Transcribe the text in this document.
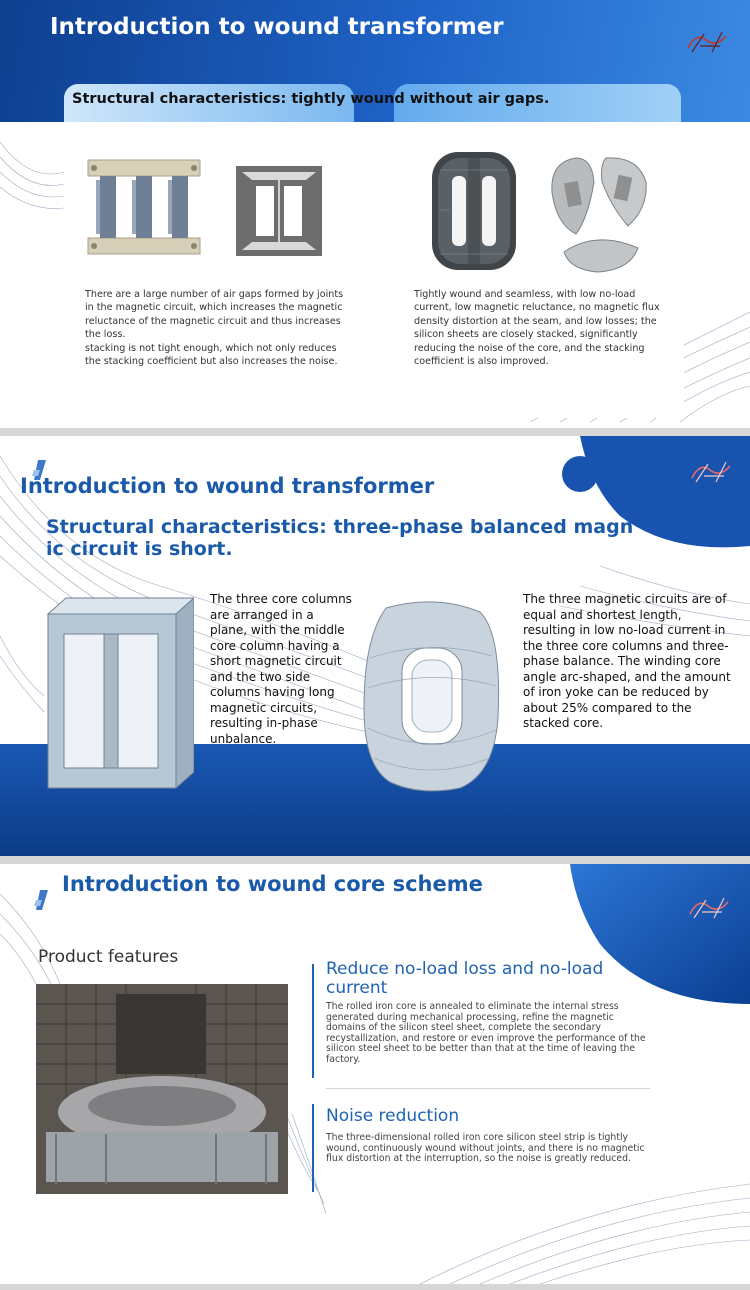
Introduction to wound transformer
Structural characteristics: tightly wound without air gaps.
There are a large number of air gaps formed by joints in the magnetic circuit, which increases the magnetic reluctance of the magnetic circuit and thus increases the loss.
stacking is not tight enough, which not only reduces the stacking coefficient but also increases the noise.
Tightly wound and seamless, with low no-load current, low magnetic reluctance, no magnetic flux density distortion at the seam, and low losses; the silicon sheets are closely stacked, significantly reducing the noise of the core, and the stacking coefficient is also improved.
Introduction to wound transformer
Structural characteristics: three-phase balanced magn ic circuit is short.
The three core columns are arranged in a plane, with the middle core column having a short magnetic circuit and the two side columns having long magnetic circuits, resulting in-phase unbalance.
The three magnetic circuits are of equal and shortest length, resulting in low no-load current in the three core columns and three-phase balance. The winding core angle arc-shaped, and the amount of iron yoke can be reduced by about 25% compared to the stacked core.
Introduction to wound core scheme
Product features
Reduce no-load loss and no-load current
The rolled iron core is annealed to eliminate the internal stress generated during mechanical processing, refine the magnetic domains of the silicon steel sheet, complete the secondary recystallization, and restore or even improve the performance of the silicon steel sheet to be better than that at the time of leaving the factory.
Noise reduction
The three-dimensional rolled iron core silicon steel strip is tightly wound, continuously wound without joints, and there is no magnetic flux distortion at the interruption, so the noise is greatly reduced.
